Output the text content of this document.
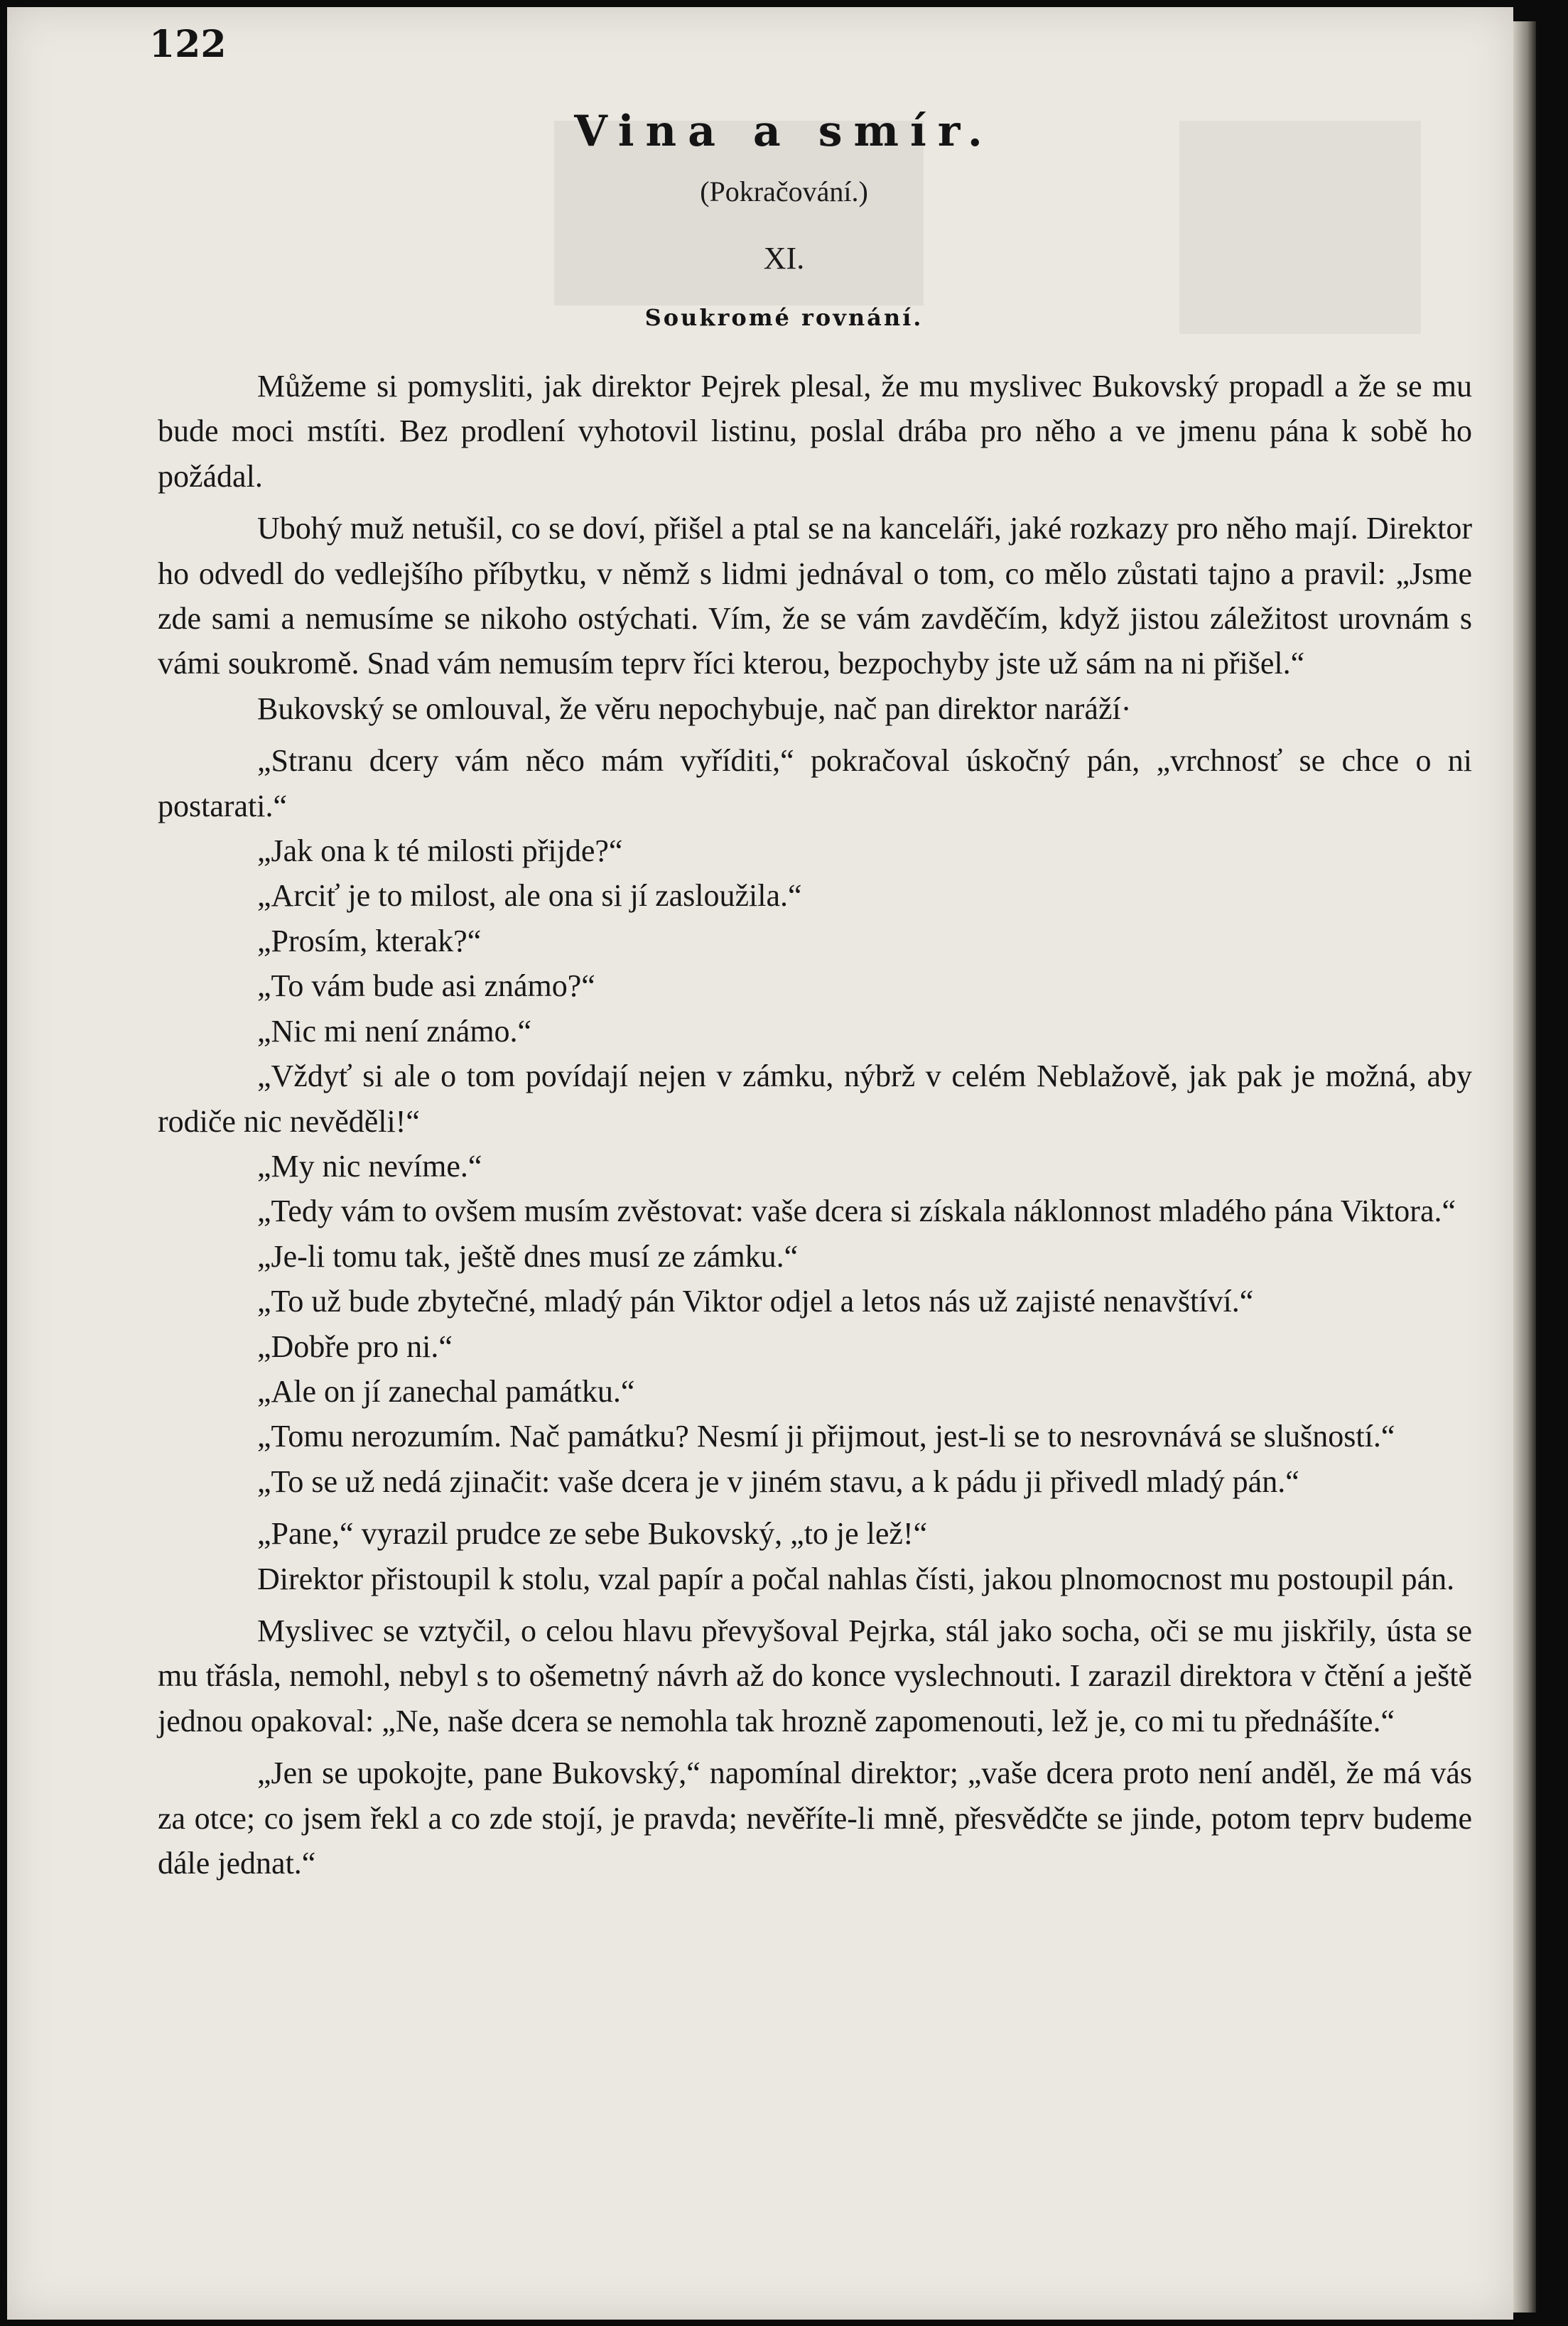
122
Vina a smír.
(Pokračování.)
XI.
Soukromé rovnání.

Můžeme si pomysliti, jak direktor Pejrek plesal, že mu myslivec Bukovský propadl a že se mu bude moci mstíti. Bez prodlení vyhotovil listinu, poslal drába pro něho a ve jmenu pána k sobě ho požádal.

Ubohý muž netušil, co se doví, přišel a ptal se na kanceláři, jaké rozkazy pro něho mají. Direktor ho odvedl do vedlejšího příbytku, v němž s lidmi jednával o tom, co mělo zůstati tajno a pravil: „Jsme zde sami a nemusíme se nikoho ostýchati. Vím, že se vám zavděčím, když jistou záležitost urovnám s vámi soukromě. Snad vám nemusím teprv říci kterou, bezpochyby jste už sám na ni přišel.“

Bukovský se omlouval, že věru nepochybuje, nač pan direktor naráží·

„Stranu dcery vám něco mám vyříditi,“ pokračoval úskočný pán, „vrchnosť se chce o ni postarati.“

„Jak ona k té milosti přijde?“

„Arciť je to milost, ale ona si jí zasloužila.“

„Prosím, kterak?“

„To vám bude asi známo?“

„Nic mi není známo.“

„Vždyť si ale o tom povídají nejen v zámku, nýbrž v celém Neblažově, jak pak je možná, aby rodiče nic nevěděli!“

„My nic nevíme.“

„Tedy vám to ovšem musím zvěstovat: vaše dcera si získala náklonnost mladého pána Viktora.“

„Je-li tomu tak, ještě dnes musí ze zámku.“

„To už bude zbytečné, mladý pán Viktor odjel a letos nás už zajisté nenavštíví.“

„Dobře pro ni.“

„Ale on jí zanechal památku.“

„Tomu nerozumím. Nač památku? Nesmí ji přijmout, jest-li se to nesrovnává se slušností.“

„To se už nedá zjinačit: vaše dcera je v jiném stavu, a k pádu ji přivedl mladý pán.“

„Pane,“ vyrazil prudce ze sebe Bukovský, „to je lež!“

Direktor přistoupil k stolu, vzal papír a počal nahlas čísti, jakou plnomocnost mu postoupil pán.

Myslivec se vztyčil, o celou hlavu převyšoval Pejrka, stál jako socha, oči se mu jiskřily, ústa se mu třásla, nemohl, nebyl s to ošemetný návrh až do konce vyslechnouti. I zarazil direktora v čtění a ještě jednou opakoval: „Ne, naše dcera se nemohla tak hrozně zapomenouti, lež je, co mi tu přednášíte.“

„Jen se upokojte, pane Bukovský,“ napomínal direktor; „vaše dcera proto není anděl, že má vás za otce; co jsem řekl a co zde stojí, je pravda; nevěříte-li mně, přesvědčte se jinde, potom teprv budeme dále jednat.“
